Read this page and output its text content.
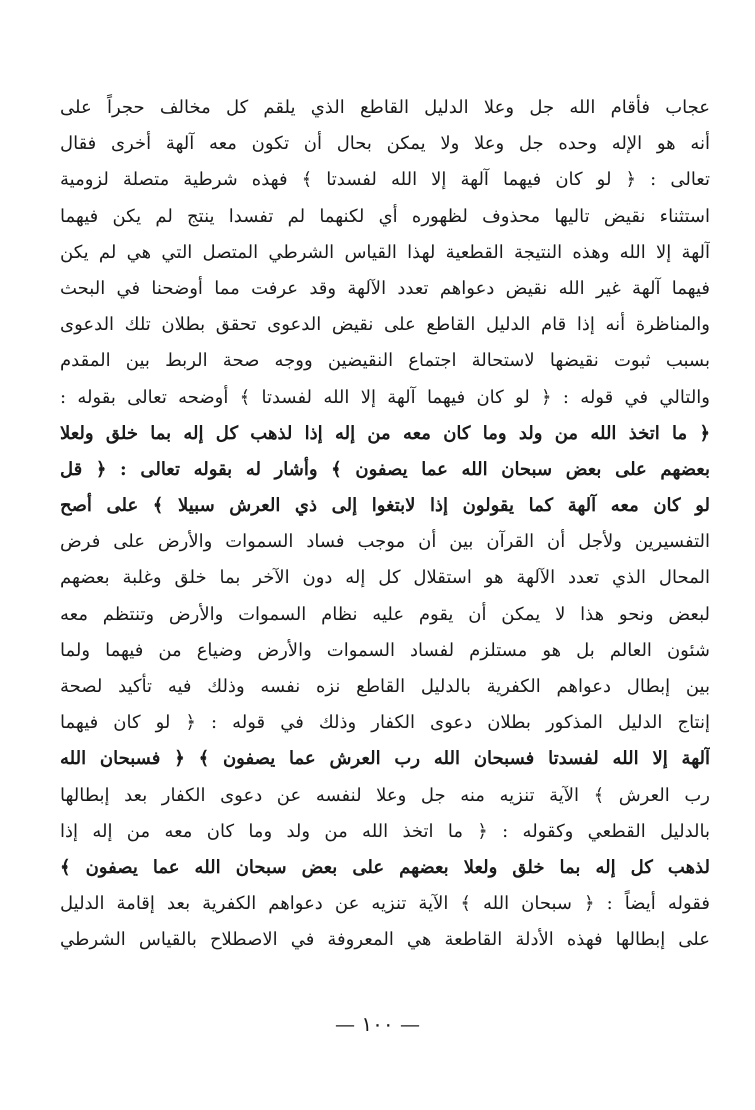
عجاب فأقام الله جل وعلا الدليل القاطع الذي يلقم كل مخالف حجراً على
أنه هو الإله وحده جل وعلا ولا يمكن بحال أن تكون معه آلهة أخرى فقال
تعالى : ﴿ لو كان فيهما آلهة إلا الله لفسدتا ﴾ فهذه شرطية متصلة لزومية
استثناء نقيض تاليها محذوف لظهوره أي لكنهما لم تفسدا ينتج لم يكن فيهما
آلهة إلا الله وهذه النتيجة القطعية لهذا القياس الشرطي المتصل التي هي لم يكن
فيهما آلهة غير الله نقيض دعواهم تعدد الآلهة وقد عرفت مما أوضحنا في البحث
والمناظرة أنه إذا قام الدليل القاطع على نقيض الدعوى تحقق بطلان تلك الدعوى
بسبب ثبوت نقيضها لاستحالة اجتماع النقيضين ووجه صحة الربط بين المقدم
والتالي في قوله : ﴿ لو كان فيهما آلهة إلا الله لفسدتا ﴾ أوضحه تعالى بقوله :
﴿ ما اتخذ الله من ولد وما كان معه من إله إذا لذهب كل إله بما خلق ولعلا
بعضهم على بعض سبحان الله عما يصفون ﴾ وأشار له بقوله تعالى : ﴿ قل
لو كان معه آلهة كما يقولون إذا لابتغوا إلى ذي العرش سبيلا ﴾ على أصح
التفسيرين ولأجل أن القرآن بين أن موجب فساد السموات والأرض على فرض
المحال الذي تعدد الآلهة هو استقلال كل إله دون الآخر بما خلق وغلبة بعضهم
لبعض ونحو هذا لا يمكن أن يقوم عليه نظام السموات والأرض وتنتظم معه
شئون العالم بل هو مستلزم لفساد السموات والأرض وضياع من فيهما ولما
بين إبطال دعواهم الكفرية بالدليل القاطع نزه نفسه وذلك فيه تأكيد لصحة
إنتاج الدليل المذكور بطلان دعوى الكفار وذلك في قوله : ﴿ لو كان فيهما
آلهة إلا الله لفسدتا فسبحان الله رب العرش عما يصفون ﴾ ﴿ فسبحان الله
رب العرش ﴾ الآية تنزيه منه جل وعلا لنفسه عن دعوى الكفار بعد إبطالها
بالدليل القطعي وكقوله : ﴿ ما اتخذ الله من ولد وما كان معه من إله إذا
لذهب كل إله بما خلق ولعلا بعضهم على بعض سبحان الله عما يصفون ﴾
فقوله أيضاً : ﴿ سبحان الله ﴾ الآية تنزيه عن دعواهم الكفرية بعد إقامة الدليل
على إبطالها فهذه الأدلة القاطعة هي المعروفة في الاصطلاح بالقياس الشرطي
— ١٠٠ —
